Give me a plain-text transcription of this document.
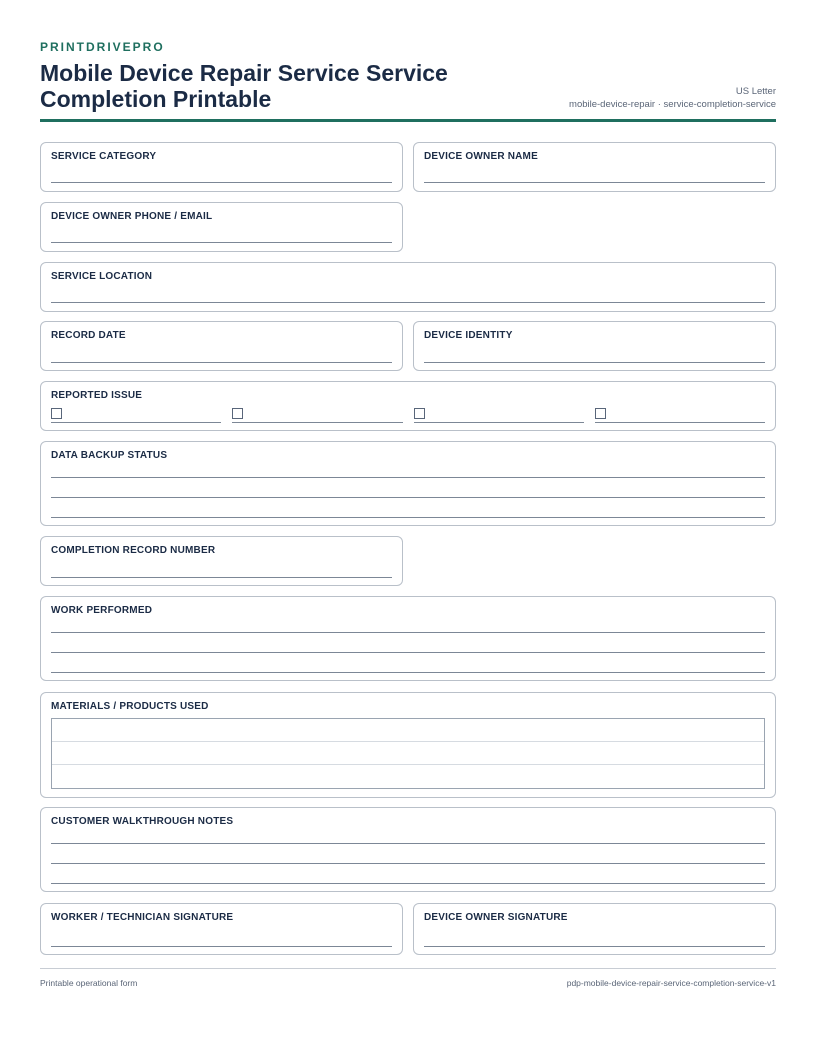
PRINTDRIVEPRO
Mobile Device Repair Service Service Completion Printable	US Letter
mobile-device-repair · service-completion-service
SERVICE CATEGORY	DEVICE OWNER NAME
DEVICE OWNER PHONE / EMAIL
SERVICE LOCATION
RECORD DATE	DEVICE IDENTITY
REPORTED ISSUE
DATA BACKUP STATUS
COMPLETION RECORD NUMBER
WORK PERFORMED
MATERIALS / PRODUCTS USED
CUSTOMER WALKTHROUGH NOTES
WORKER / TECHNICIAN SIGNATURE	DEVICE OWNER SIGNATURE
Printable operational form	pdp-mobile-device-repair-service-completion-service-v1
